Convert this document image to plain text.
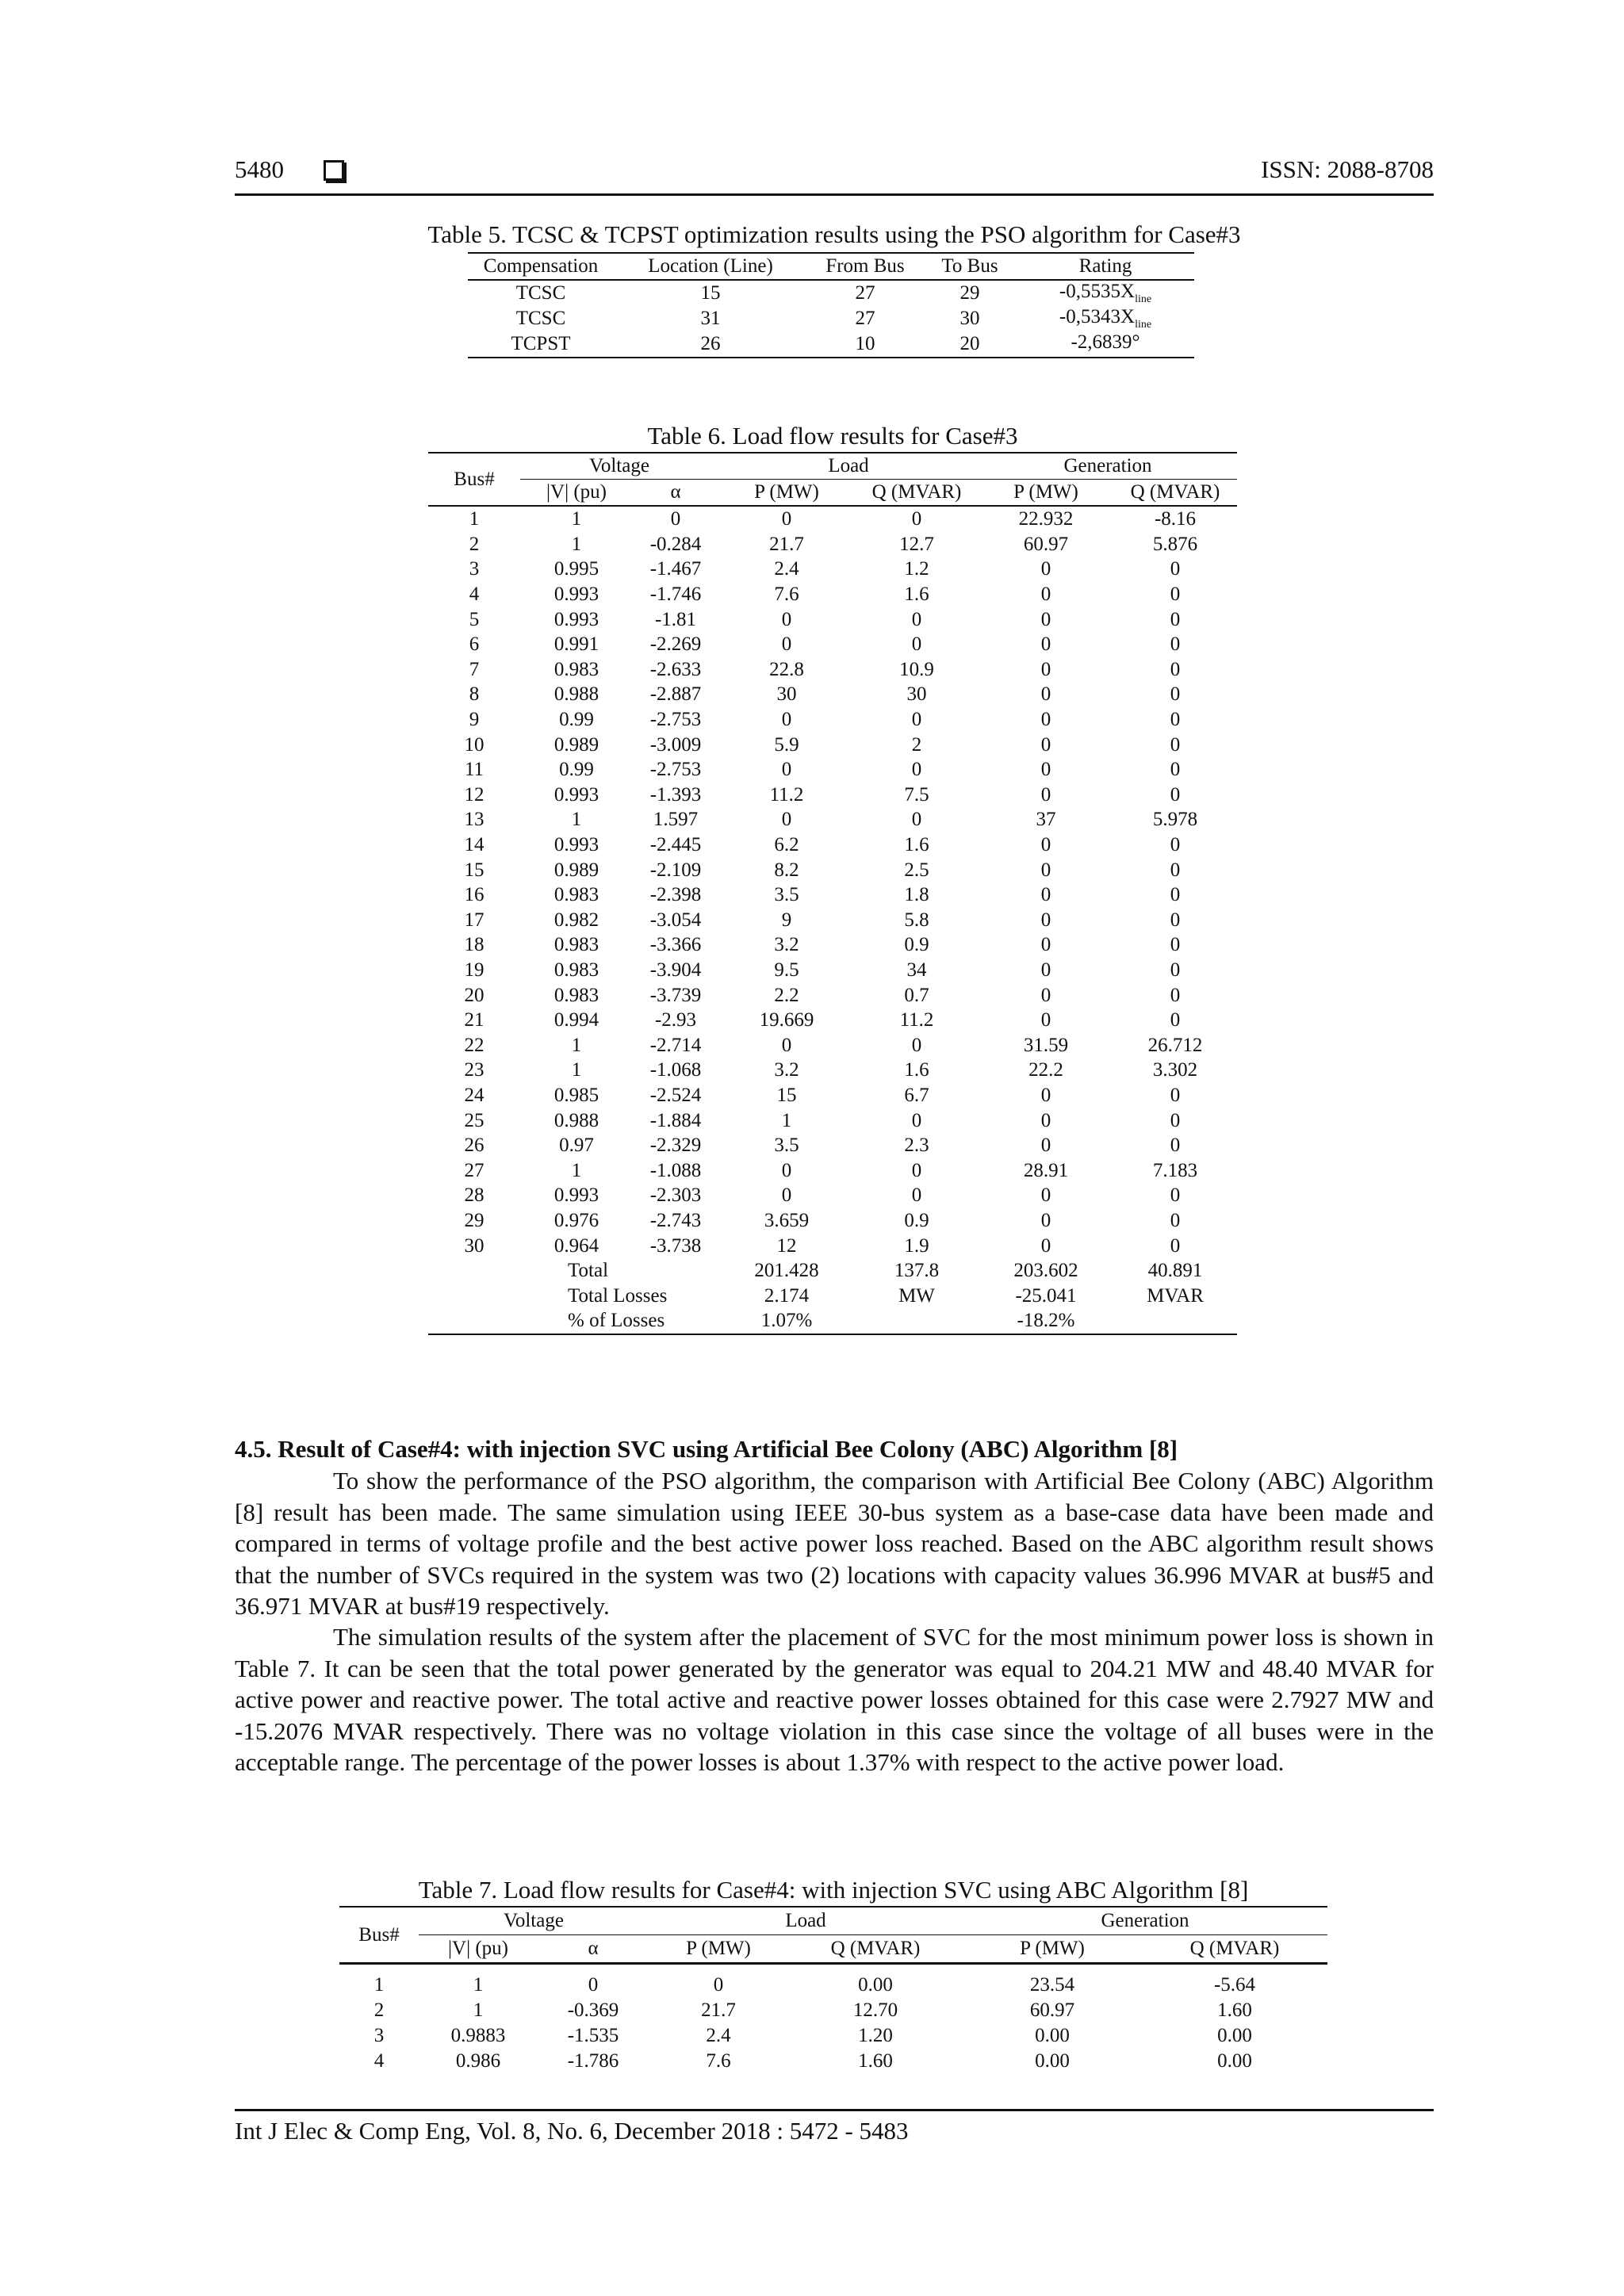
5480	ISSN: 2088-8708
Table 5. TCSC & TCPST optimization results using the PSO algorithm for Case#3
Compensation	Location (Line)	From Bus	To Bus	Rating
TCSC	15	27	29	$-0,5535X_{line}$
TCSC	31	27	30	$-0,5343X_{line}$
TCPST	26	10	20	-2,6839°
Table 6. Load flow results for Case#3
Bus#	Voltage		Load		Generation	
	|V| (pu)	α	P (MW)	Q (MVAR)	P (MW)	Q (MVAR)
1	1	0	0	0	22.932	-8.16
2	1	-0.284	21.7	12.7	60.97	5.876
3	0.995	-1.467	2.4	1.2	0	0
4	0.993	-1.746	7.6	1.6	0	0
5	0.993	-1.81	0	0	0	0
6	0.991	-2.269	0	0	0	0
7	0.983	-2.633	22.8	10.9	0	0
8	0.988	-2.887	30	30	0	0
9	0.99	-2.753	0	0	0	0
10	0.989	-3.009	5.9	2	0	0
11	0.99	-2.753	0	0	0	0
12	0.993	-1.393	11.2	7.5	0	0
13	1	1.597	0	0	37	5.978
14	0.993	-2.445	6.2	1.6	0	0
15	0.989	-2.109	8.2	2.5	0	0
16	0.983	-2.398	3.5	1.8	0	0
17	0.982	-3.054	9	5.8	0	0
18	0.983	-3.366	3.2	0.9	0	0
19	0.983	-3.904	9.5	34	0	0
20	0.983	-3.739	2.2	0.7	0	0
21	0.994	-2.93	19.669	11.2	0	0
22	1	-2.714	0	0	31.59	26.712
23	1	-1.068	3.2	1.6	22.2	3.302
24	0.985	-2.524	15	6.7	0	0
25	0.988	-1.884	1	0	0	0
26	0.97	-2.329	3.5	2.3	0	0
27	1	-1.088	0	0	28.91	7.183
28	0.993	-2.303	0	0	0	0
29	0.976	-2.743	3.659	0.9	0	0
30	0.964	-3.738	12	1.9	0	0
	Total		201.428	137.8	203.602	40.891
	Total Losses		2.174	MW	-25.041	MVAR
	% of Losses		1.07%		-18.2%	
4.5. Result of Case#4: with injection SVC using Artificial Bee Colony (ABC) Algorithm [8]

To show the performance of the PSO algorithm, the comparison with Artificial Bee Colony (ABC) Algorithm [8] result has been made. The same simulation using IEEE 30-bus system as a base-case data have been made and compared in terms of voltage profile and the best active power loss reached. Based on the ABC algorithm result shows that the number of SVCs required in the system was two (2) locations with capacity values 36.996 MVAR at bus#5 and 36.971 MVAR at bus#19 respectively.

The simulation results of the system after the placement of SVC for the most minimum power loss is shown in Table 7. It can be seen that the total power generated by the generator was equal to 204.21 MW and 48.40 MVAR for active power and reactive power. The total active and reactive power losses obtained for this case were 2.7927 MW and -15.2076 MVAR respectively. There was no voltage violation in this case since the voltage of all buses were in the acceptable range. The percentage of the power losses is about 1.37% with respect to the active power load.

Table 7. Load flow results for Case#4: with injection SVC using ABC Algorithm [8]
Bus#	Voltage		Load		Generation	
	|V| (pu)	α	P (MW)	Q (MVAR)	P (MW)	Q (MVAR)
1	1	0	0	0.00	23.54	-5.64
2	1	-0.369	21.7	12.70	60.97	1.60
3	0.9883	-1.535	2.4	1.20	0.00	0.00
4	0.986	-1.786	7.6	1.60	0.00	0.00
Int J Elec & Comp Eng, Vol. 8, No. 6, December 2018 : 5472 - 5483
